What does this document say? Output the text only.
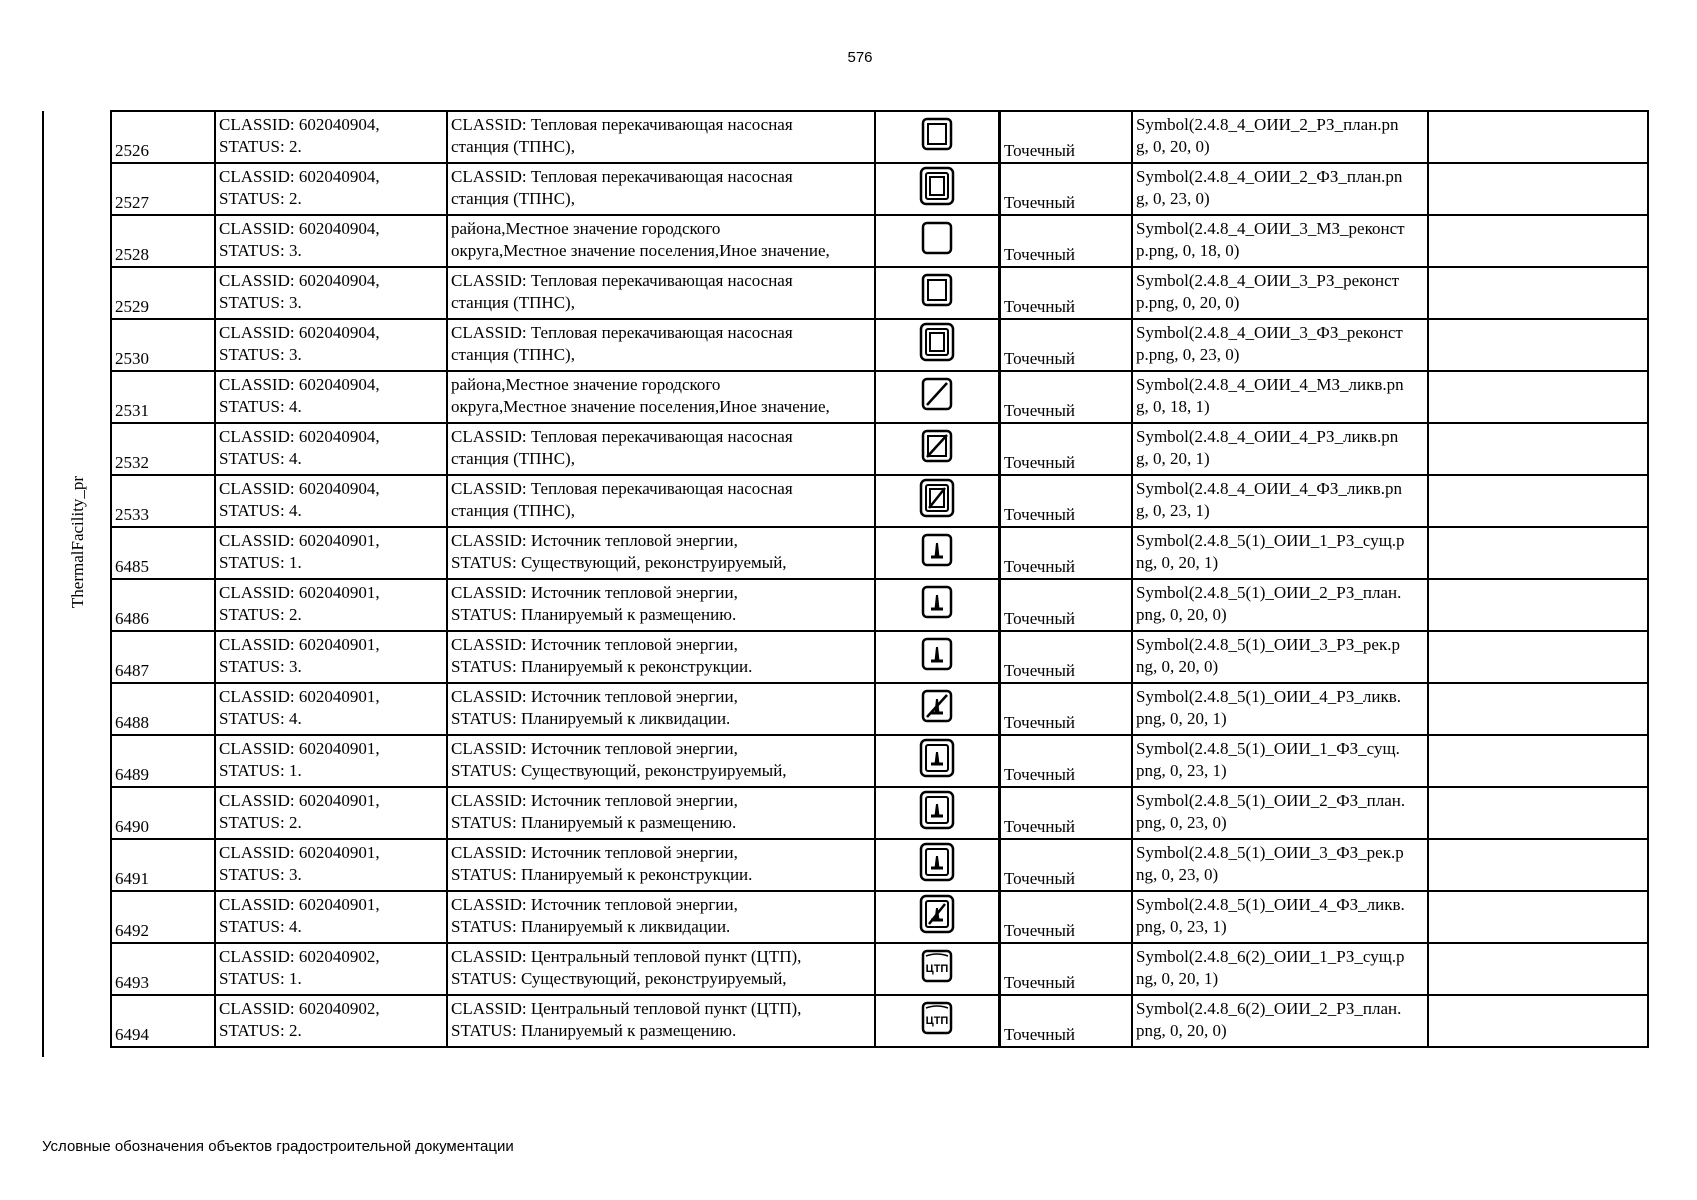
576
ThermalFacility_pr
2526	CLASSID: 602040904,
STATUS: 2.	CLASSID: Тепловая перекачивающая насосная
станция (ТПНС),		Точечный	Symbol(2.4.8_4_ОИИ_2_РЗ_план.pn
g, 0, 20, 0)	
2527	CLASSID: 602040904,
STATUS: 2.	CLASSID: Тепловая перекачивающая насосная
станция (ТПНС),		Точечный	Symbol(2.4.8_4_ОИИ_2_ФЗ_план.pn
g, 0, 23, 0)	
2528	CLASSID: 602040904,
STATUS: 3.	района,Местное значение городского
округа,Местное значение поселения,Иное значение,		Точечный	Symbol(2.4.8_4_ОИИ_3_МЗ_реконст
р.png, 0, 18, 0)	
2529	CLASSID: 602040904,
STATUS: 3.	CLASSID: Тепловая перекачивающая насосная
станция (ТПНС),		Точечный	Symbol(2.4.8_4_ОИИ_3_РЗ_реконст
р.png, 0, 20, 0)	
2530	CLASSID: 602040904,
STATUS: 3.	CLASSID: Тепловая перекачивающая насосная
станция (ТПНС),		Точечный	Symbol(2.4.8_4_ОИИ_3_ФЗ_реконст
р.png, 0, 23, 0)	
2531	CLASSID: 602040904,
STATUS: 4.	района,Местное значение городского
округа,Местное значение поселения,Иное значение,		Точечный	Symbol(2.4.8_4_ОИИ_4_МЗ_ликв.pn
g, 0, 18, 1)	
2532	CLASSID: 602040904,
STATUS: 4.	CLASSID: Тепловая перекачивающая насосная
станция (ТПНС),		Точечный	Symbol(2.4.8_4_ОИИ_4_РЗ_ликв.pn
g, 0, 20, 1)	
2533	CLASSID: 602040904,
STATUS: 4.	CLASSID: Тепловая перекачивающая насосная
станция (ТПНС),		Точечный	Symbol(2.4.8_4_ОИИ_4_ФЗ_ликв.pn
g, 0, 23, 1)	
6485	CLASSID: 602040901,
STATUS: 1.	CLASSID: Источник тепловой энергии,
STATUS: Существующий, реконструируемый,		Точечный	Symbol(2.4.8_5(1)_ОИИ_1_РЗ_сущ.p
ng, 0, 20, 1)	
6486	CLASSID: 602040901,
STATUS: 2.	CLASSID: Источник тепловой энергии,
STATUS: Планируемый к размещению.		Точечный	Symbol(2.4.8_5(1)_ОИИ_2_РЗ_план.
png, 0, 20, 0)	
6487	CLASSID: 602040901,
STATUS: 3.	CLASSID: Источник тепловой энергии,
STATUS: Планируемый к реконструкции.		Точечный	Symbol(2.4.8_5(1)_ОИИ_3_РЗ_рек.p
ng, 0, 20, 0)	
6488	CLASSID: 602040901,
STATUS: 4.	CLASSID: Источник тепловой энергии,
STATUS: Планируемый к ликвидации.		Точечный	Symbol(2.4.8_5(1)_ОИИ_4_РЗ_ликв.
png, 0, 20, 1)	
6489	CLASSID: 602040901,
STATUS: 1.	CLASSID: Источник тепловой энергии,
STATUS: Существующий, реконструируемый,		Точечный	Symbol(2.4.8_5(1)_ОИИ_1_ФЗ_сущ.
png, 0, 23, 1)	
6490	CLASSID: 602040901,
STATUS: 2.	CLASSID: Источник тепловой энергии,
STATUS: Планируемый к размещению.		Точечный	Symbol(2.4.8_5(1)_ОИИ_2_ФЗ_план.
png, 0, 23, 0)	
6491	CLASSID: 602040901,
STATUS: 3.	CLASSID: Источник тепловой энергии,
STATUS: Планируемый к реконструкции.		Точечный	Symbol(2.4.8_5(1)_ОИИ_3_ФЗ_рек.p
ng, 0, 23, 0)	
6492	CLASSID: 602040901,
STATUS: 4.	CLASSID: Источник тепловой энергии,
STATUS: Планируемый к ликвидации.		Точечный	Symbol(2.4.8_5(1)_ОИИ_4_ФЗ_ликв.
png, 0, 23, 1)	
6493	CLASSID: 602040902,
STATUS: 1.	CLASSID: Центральный тепловой пункт (ЦТП),
STATUS: Существующий, реконструируемый,	ЦТП	Точечный	Symbol(2.4.8_6(2)_ОИИ_1_РЗ_сущ.p
ng, 0, 20, 1)	
6494	CLASSID: 602040902,
STATUS: 2.	CLASSID: Центральный тепловой пункт (ЦТП),
STATUS: Планируемый к размещению.	ЦТП	Точечный	Symbol(2.4.8_6(2)_ОИИ_2_РЗ_план.
png, 0, 20, 0)	
Условные обозначения объектов градостроительной документации
